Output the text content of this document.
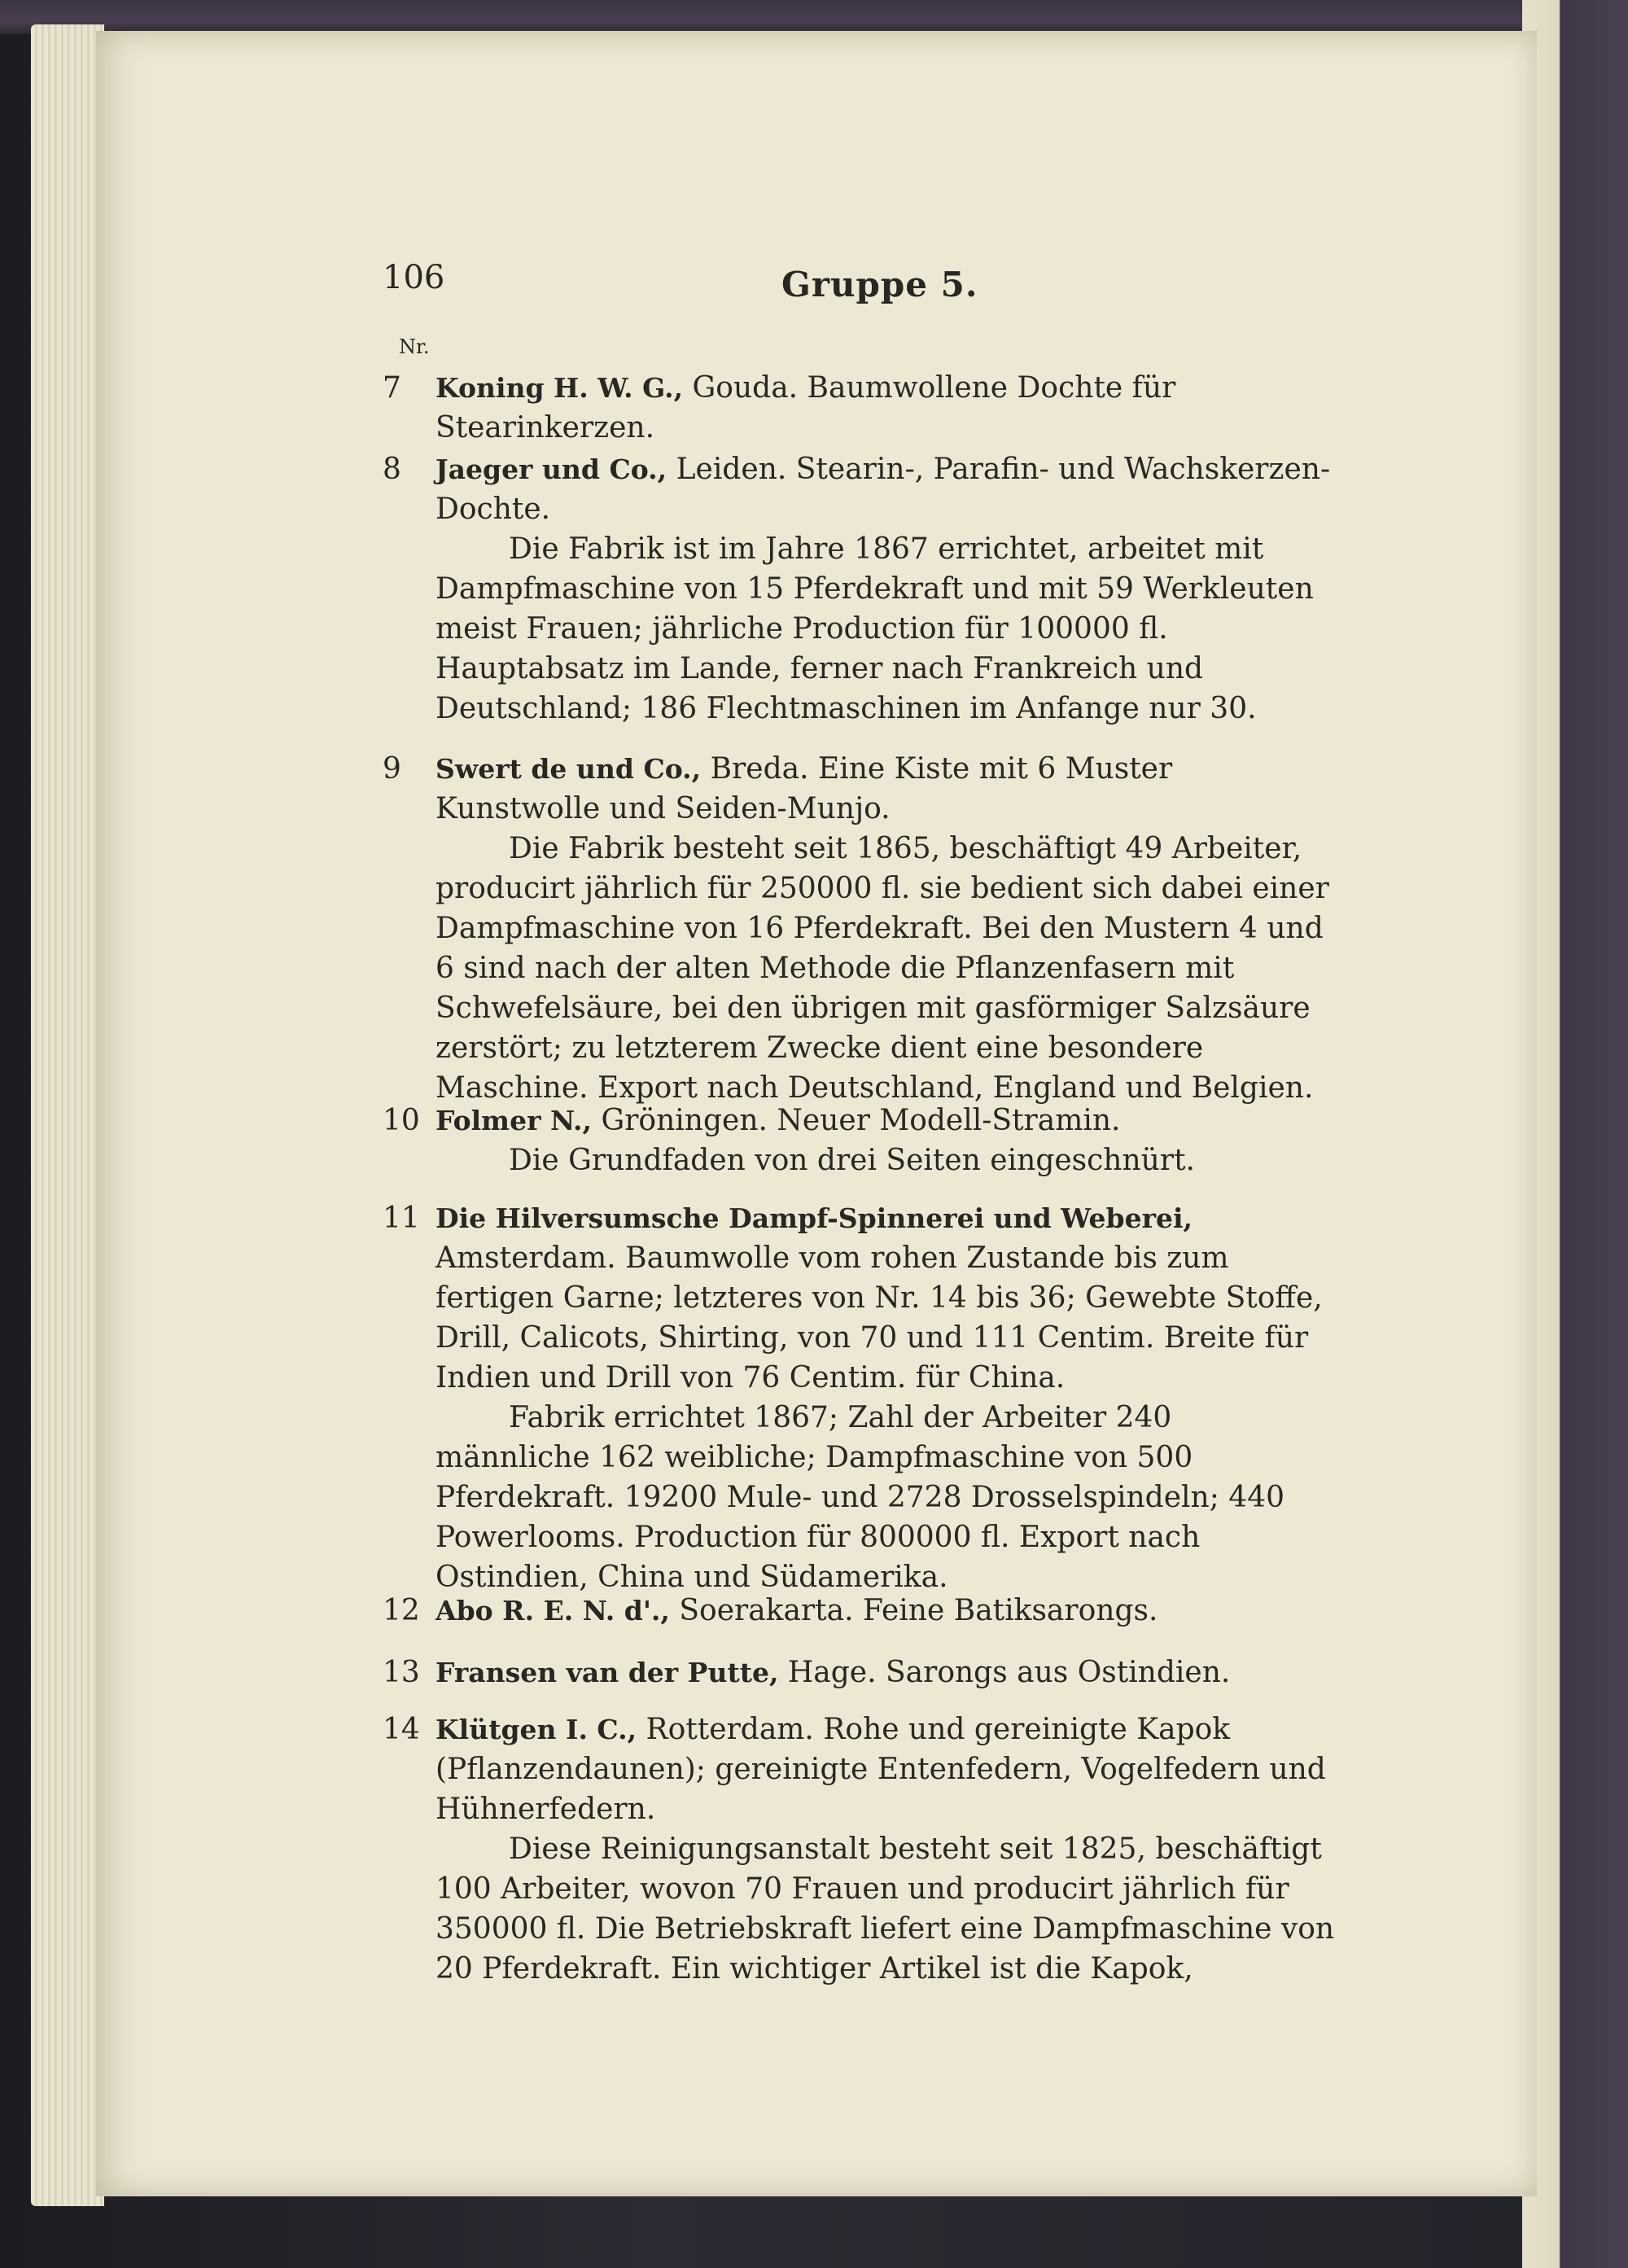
106	Gruppe 5.
Nr.
7	Koning H. W. G., Gouda. Baumwollene Dochte für Stearinkerzen.
8	Jaeger und Co., Leiden. Stearin-, Parafin- und Wachskerzen-Dochte.
Die Fabrik ist im Jahre 1867 errichtet, arbeitet mit Dampfmaschine von 15 Pferdekraft und mit 59 Werkleuten meist Frauen; jährliche Production für 100000 fl. Hauptabsatz im Lande, ferner nach Frankreich und Deutschland; 186 Flechtmaschinen im Anfange nur 30.
9	Swert de und Co., Breda. Eine Kiste mit 6 Muster Kunstwolle und Seiden-Munjo.
Die Fabrik besteht seit 1865, beschäftigt 49 Arbeiter, producirt jährlich für 250000 fl. sie bedient sich dabei einer Dampfmaschine von 16 Pferdekraft. Bei den Mustern 4 und 6 sind nach der alten Methode die Pflanzenfasern mit Schwefelsäure, bei den übrigen mit gasförmiger Salzsäure zerstört; zu letzterem Zwecke dient eine besondere Maschine. Export nach Deutschland, England und Belgien.
10 Folmer N., Gröningen. Neuer Modell-Stramin.
Die Grundfaden von drei Seiten eingeschnürt.
11 Die Hilversumsche Dampf-Spinnerei und Weberei, Amsterdam. Baumwolle vom rohen Zustande bis zum fertigen Garne; letzteres von Nr. 14 bis 36; Gewebte Stoffe, Drill, Calicots, Shirting, von 70 und 111 Centim. Breite für Indien und Drill von 76 Centim. für China.
Fabrik errichtet 1867; Zahl der Arbeiter 240 männliche 162 weibliche; Dampfmaschine von 500 Pferdekraft. 19200 Mule- und 2728 Drosselspindeln; 440 Powerlooms. Production für 800000 fl. Export nach Ostindien, China und Südamerika.
12 Abo R. E. N. d'., Soerakarta. Feine Batiksarongs.
13 Fransen van der Putte, Hage. Sarongs aus Ostindien.
14 Klütgen I. C., Rotterdam. Rohe und gereinigte Kapok (Pflanzendaunen); gereinigte Entenfedern, Vogelfedern und Hühnerfedern.
Diese Reinigungsanstalt besteht seit 1825, beschäftigt 100 Arbeiter, wovon 70 Frauen und producirt jährlich für 350000 fl. Die Betriebskraft liefert eine Dampfmaschine von 20 Pferdekraft. Ein wichtiger Artikel ist die Kapok,
